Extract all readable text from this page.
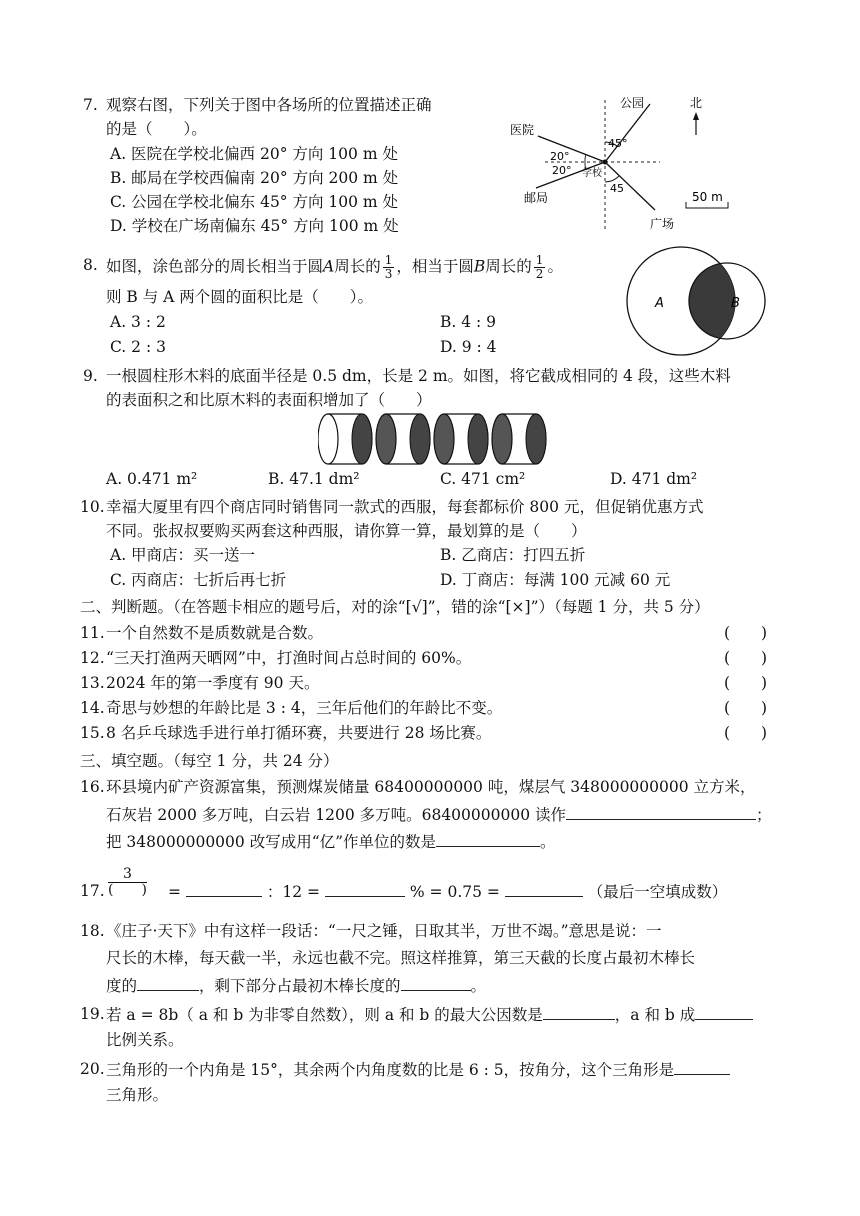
7. 观察右图，下列关于图中各场所的位置描述正确
的是（　　）。
A. 医院在学校北偏西 20° 方向 100 m 处
B. 邮局在学校西偏南 20° 方向 200 m 处
C. 公园在学校北偏东 45° 方向 100 m 处
D. 学校在广场南偏东 45° 方向 100 m 处
公园	北
医院
45°
20°
20° 学校
45
邮局
广场
50 m
8. 如图，涂色部分的周长相当于圆A周长的 $\frac{1}{3}$ ，相当于圆B周长的 $\frac{1}{2}$ 。
则 B 与 A 两个圆的面积比是（　　）。
A. 3 : 2	B. 4 : 9
C. 2 : 3	D. 9 : 4
A	B
9. 一根圆柱形木料的底面半径是 0.5 dm，长是 2 m。如图，将它截成相同的 4 段，这些木料
的表面积之和比原木料的表面积增加了（　　）
A. 0.471 m²	B. 47.1 dm²	C. 471 cm²	D. 471 dm²
10. 幸福大厦里有四个商店同时销售同一款式的西服，每套都标价 800 元，但促销优惠方式
不同。张叔叔要购买两套这种西服，请你算一算，最划算的是（　　）
A. 甲商店：买一送一	B. 乙商店：打四五折
C. 丙商店：七折后再七折	D. 丁商店：每满 100 元减 60 元
二、判断题。（在答题卡相应的题号后，对的涂“[√]”，错的涂“[×]”）（每题 1 分，共 5 分）
11. 一个自然数不是质数就是合数。	(　　)
12. “三天打渔两天晒网”中，打渔时间占总时间的 60%。	(　　)
13. 2024 年的第一季度有 90 天。	(　　)
14. 奇思与妙想的年龄比是 3 : 4，三年后他们的年龄比不变。	(　　)
15. 8 名乒乓球选手进行单打循环赛，共要进行 28 场比赛。	(　　)
三、填空题。（每空 1 分，共 24 分）
16. 环县境内矿产资源富集，预测煤炭储量 68400000000 吨，煤层气 348000000000 立方米，
石灰岩 2000 多万吨，白云岩 1200 多万吨。68400000000 读作	；
把 348000000000 改写成用“亿”作单位的数是	。
17.
3
(　　) =	：12 =	% = 0.75 =	（最后一空填成数）
18. 《庄子·天下》中有这样一段话：“一尺之锤，日取其半，万世不竭。”意思是说：一
尺长的木棒，每天截一半，永远也截不完。照这样推算，第三天截的长度占最初木棒长
度的	，剩下部分占最初木棒长度的	。
19. 若 a = 8b（ a 和 b 为非零自然数），则 a 和 b 的最大公因数是	，a 和 b 成
比例关系。
20. 三角形的一个内角是 15°，其余两个内角度数的比是 6 : 5，按角分，这个三角形是
三角形。
